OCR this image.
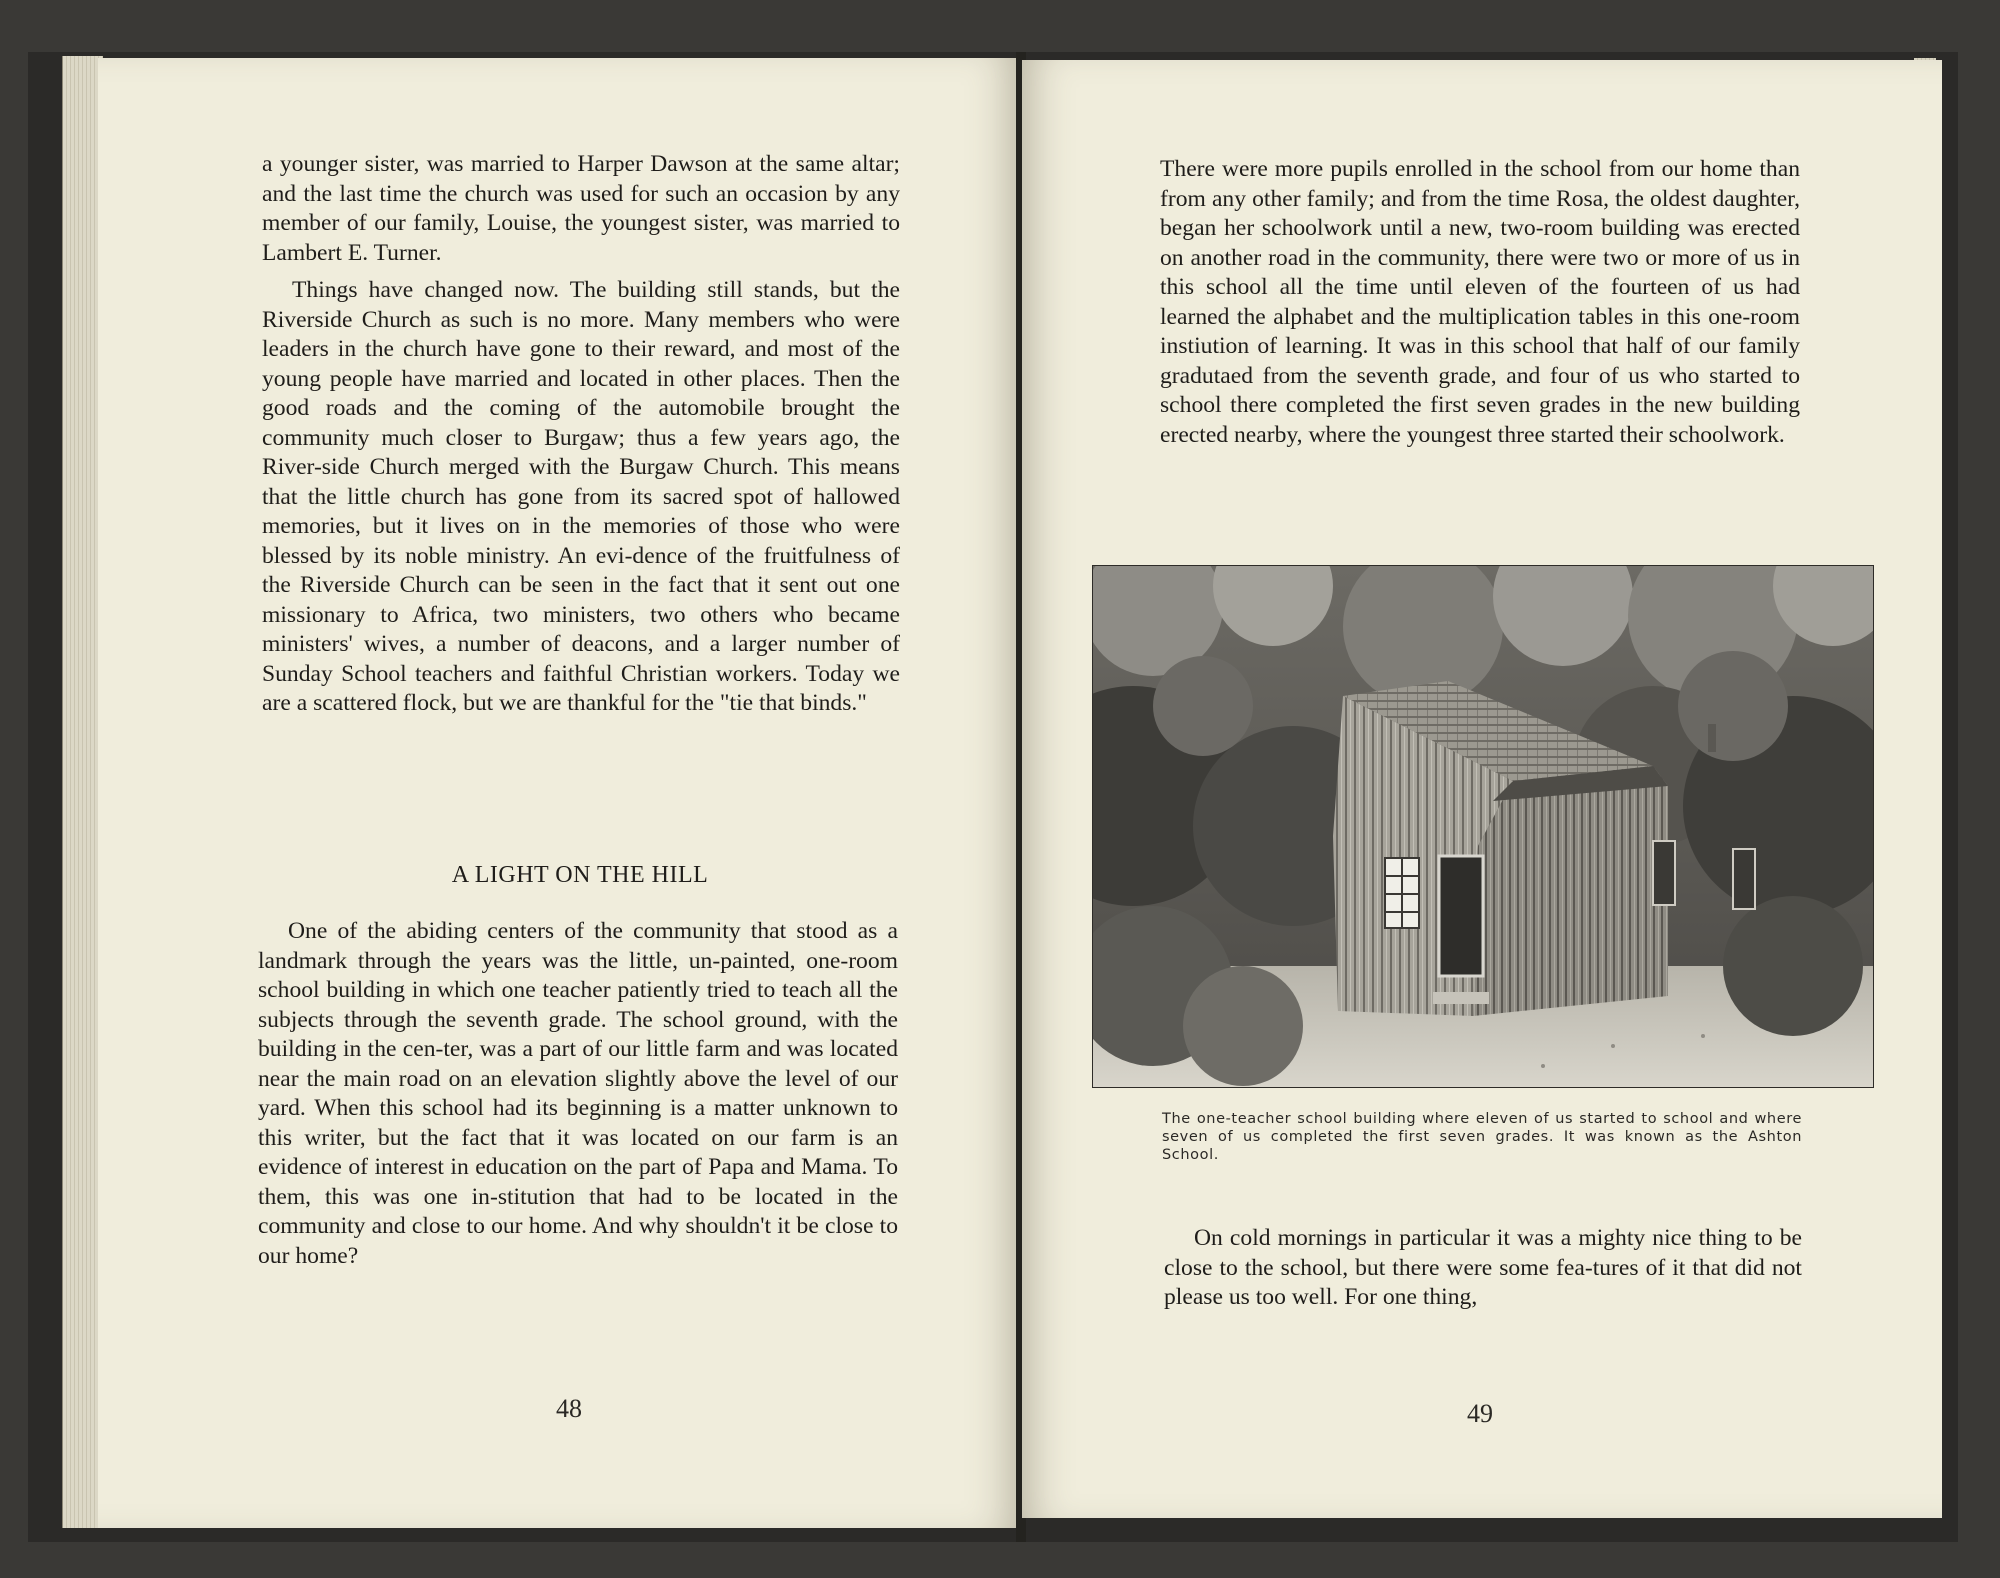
a younger sister, was married to Harper Dawson at the same altar; and the last time the church was used for such an occasion by any member of our family, Louise, the youngest sister, was married to Lambert E. Turner.

Things have changed now. The building still stands, but the Riverside Church as such is no more. Many members who were leaders in the church have gone to their reward, and most of the young people have married and located in other places. Then the good roads and the coming of the automobile brought the community much closer to Burgaw; thus a few years ago, the River-side Church merged with the Burgaw Church. This means that the little church has gone from its sacred spot of hallowed memories, but it lives on in the memories of those who were blessed by its noble ministry. An evi-dence of the fruitfulness of the Riverside Church can be seen in the fact that it sent out one missionary to Africa, two ministers, two others who became ministers' wives, a number of deacons, and a larger number of Sunday School teachers and faithful Christian workers. Today we are a scattered flock, but we are thankful for the "tie that binds."

A LIGHT ON THE HILL

One of the abiding centers of the community that stood as a landmark through the years was the little, un-painted, one-room school building in which one teacher patiently tried to teach all the subjects through the seventh grade. The school ground, with the building in the cen-ter, was a part of our little farm and was located near the main road on an elevation slightly above the level of our yard. When this school had its beginning is a matter unknown to this writer, but the fact that it was located on our farm is an evidence of interest in education on the part of Papa and Mama. To them, this was one in-stitution that had to be located in the community and close to our home. And why shouldn't it be close to our home?

48

There were more pupils enrolled in the school from our home than from any other family; and from the time Rosa, the oldest daughter, began her schoolwork until a new, two-room building was erected on another road in the community, there were two or more of us in this school all the time until eleven of the fourteen of us had learned the alphabet and the multiplication tables in this one-room instiution of learning. It was in this school that half of our family gradutaed from the seventh grade, and four of us who started to school there completed the first seven grades in the new building erected nearby, where the youngest three started their schoolwork.

The one-teacher school building where eleven of us started to school and where seven of us completed the first seven grades. It was known as the Ashton School.

On cold mornings in particular it was a mighty nice thing to be close to the school, but there were some fea-tures of it that did not please us too well. For one thing,

49
